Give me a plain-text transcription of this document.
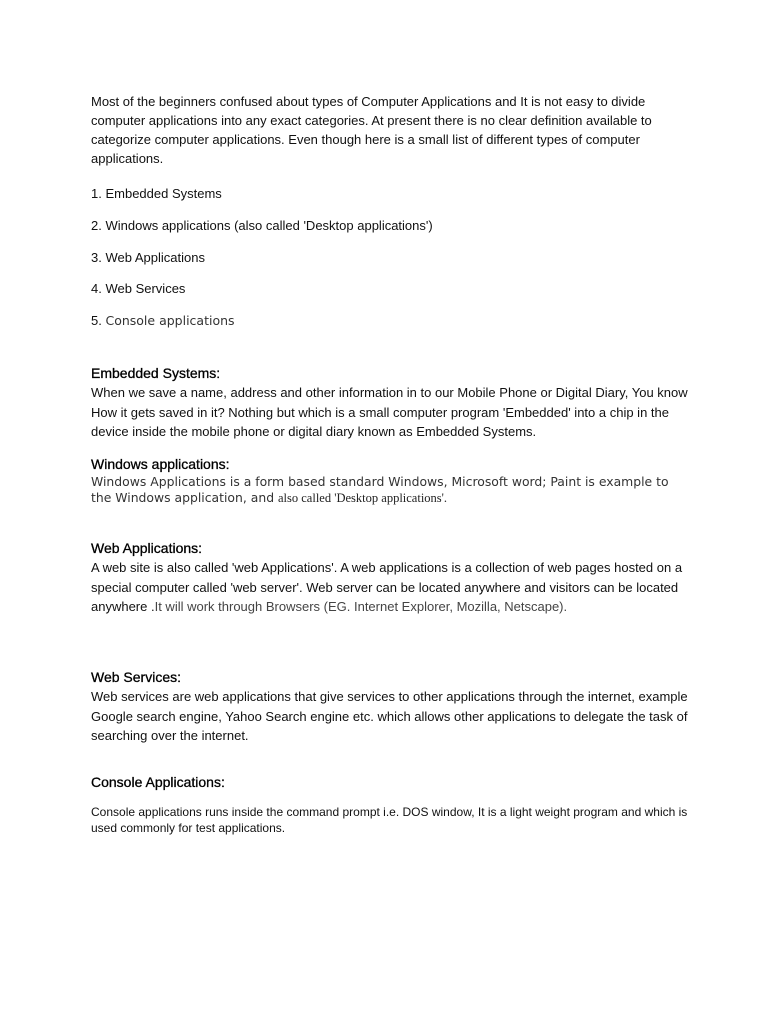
Most of the beginners confused about types of Computer Applications and It is not easy to divide computer applications into any exact categories. At present there is no clear definition available to categorize computer applications. Even though here is a small list of different types of computer applications.

1. Embedded Systems
2. Windows applications (also called 'Desktop applications')
3. Web Applications
4. Web Services
5. Console applications
Embedded Systems:

When we save a name, address and other information in to our Mobile Phone or Digital Diary, You know How it gets saved in it? Nothing but which is a small computer program 'Embedded' into a chip in the device inside the mobile phone or digital diary known as Embedded Systems.

Windows applications:

Windows Applications is a form based standard Windows, Microsoft word; Paint is example to the Windows application, and also called 'Desktop applications'.

Web Applications:

A web site is also called 'web Applications'. A web applications is a collection of web pages hosted on a special computer called 'web server'. Web server can be located anywhere and visitors can be located anywhere .It will work through Browsers (EG. Internet Explorer, Mozilla, Netscape).

Web Services:

Web services are web applications that give services to other applications through the internet, example Google search engine, Yahoo Search engine etc. which allows other applications to delegate the task of searching over the internet.

Console Applications:

Console applications runs inside the command prompt i.e. DOS window, It is a light weight program and which is used commonly for test applications.
